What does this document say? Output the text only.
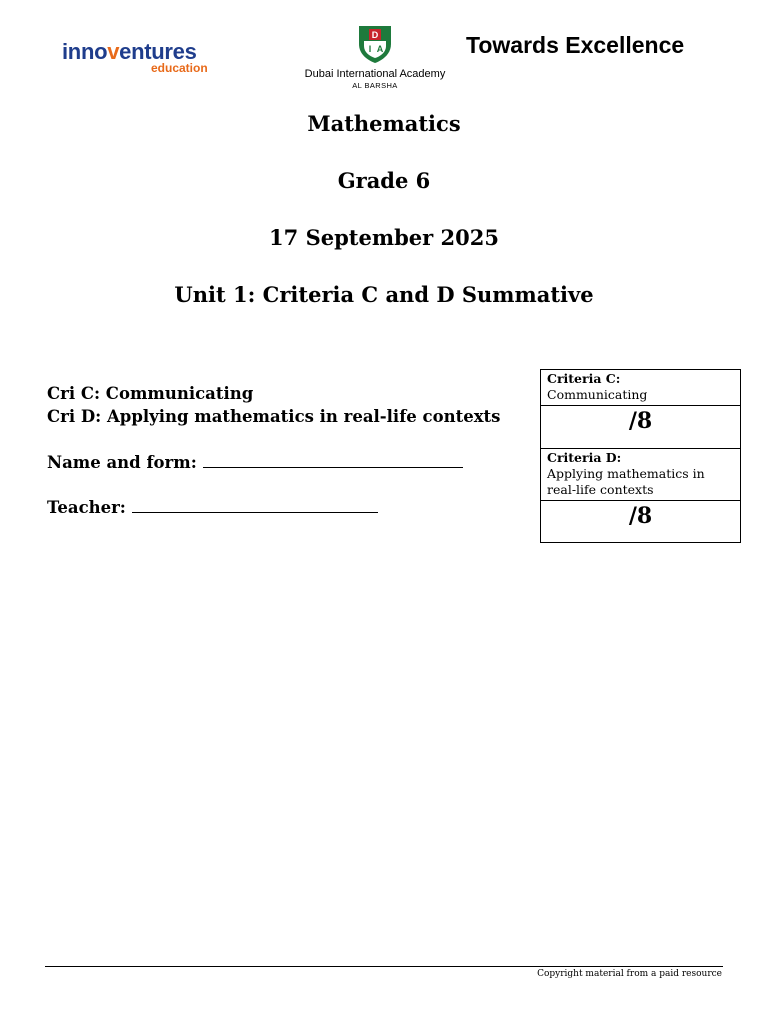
innoventures
education
D
I A
Dubai International Academy
AL BARSHA
Towards Excellence
Mathematics
Grade 6
17 September 2025
Unit 1: Criteria C and D Summative
Cri C: Communicating
Cri D: Applying mathematics in real-life contexts
Name and form:
Teacher:
Criteria C:
Communicating
/8
Criteria D:
Applying mathematics in
real-life contexts
/8
Copyright material from a paid resource
